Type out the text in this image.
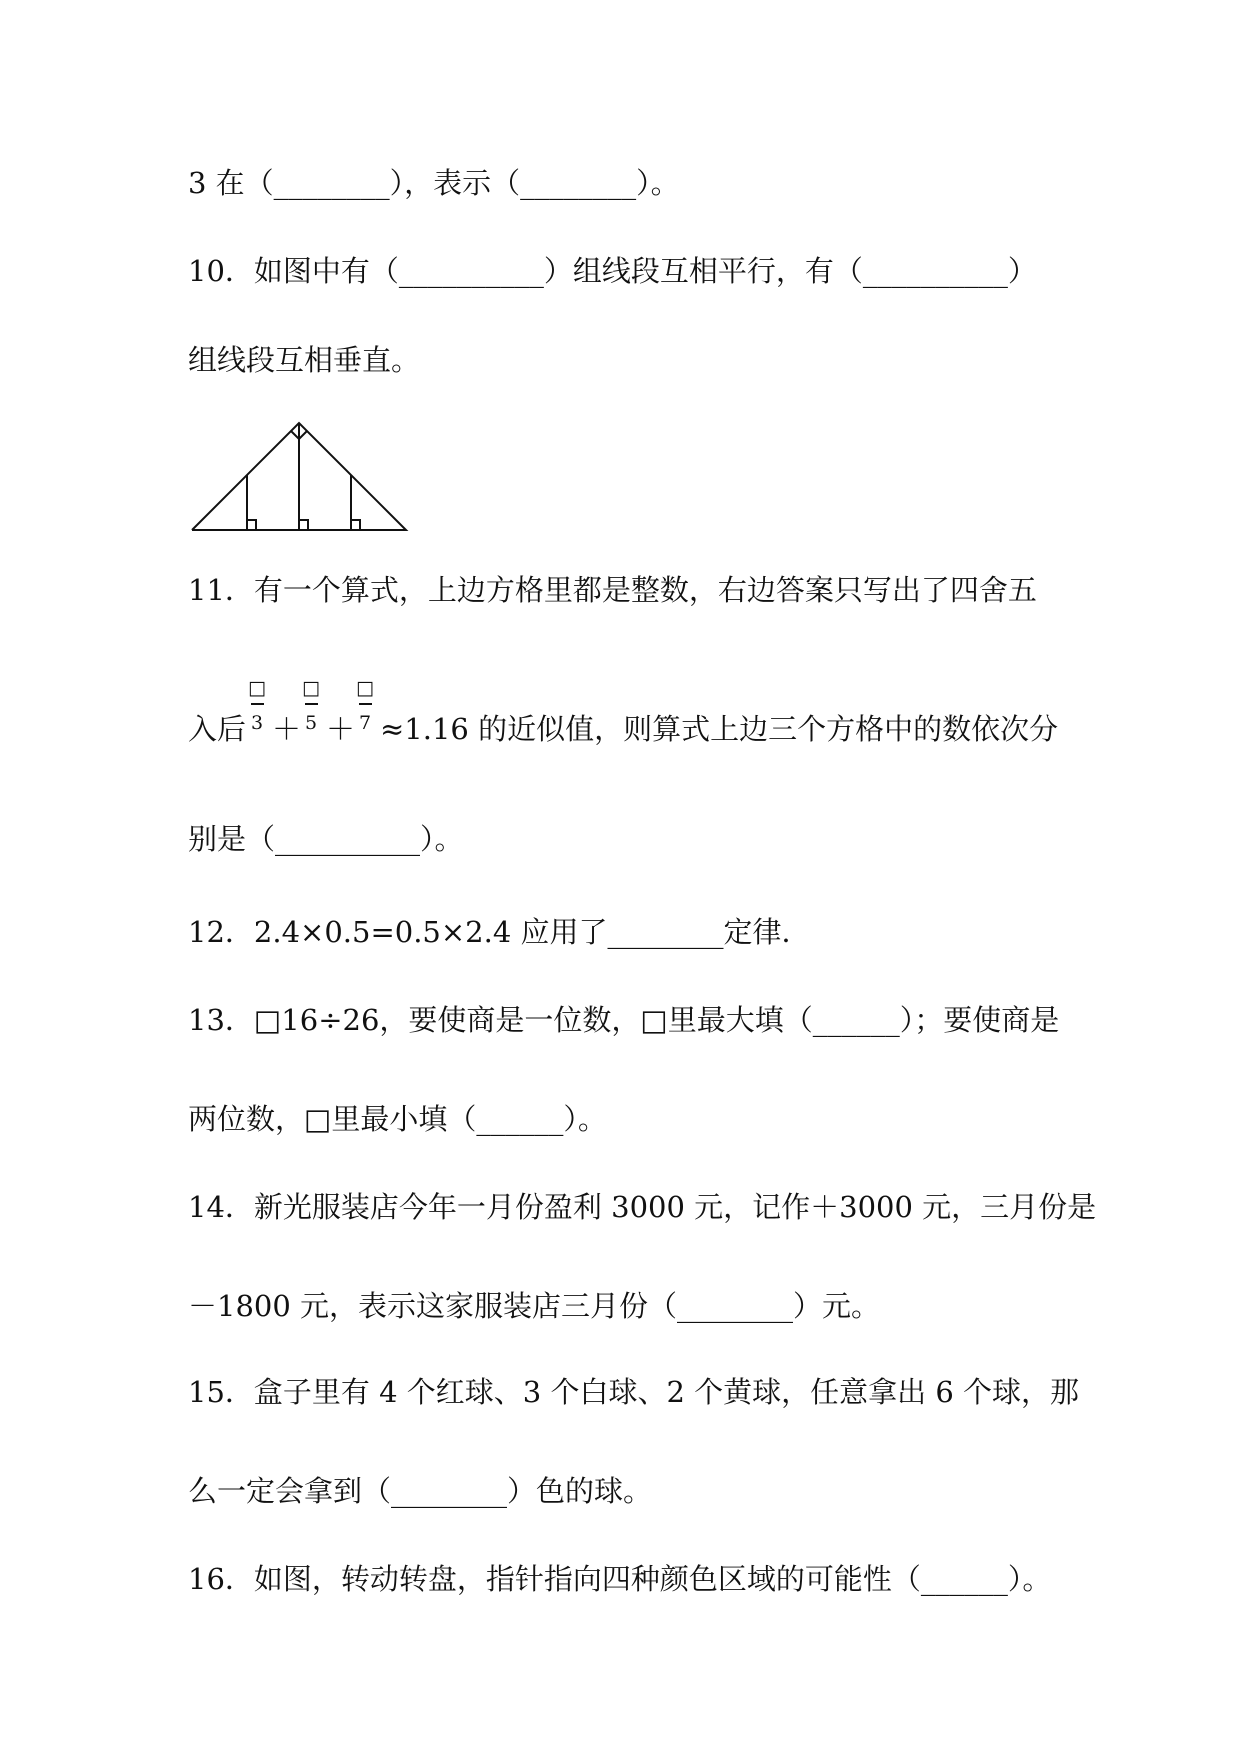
3 在（________），表示（________）。
10．如图中有（__________）组线段互相平行，有（__________）
组线段互相垂直。
11．有一个算式，上边方格里都是整数，右边答案只写出了四舍五
入后
□
3 ＋
□
5 ＋
□
7 ≈1.16 的近似值，则算式上边三个方格中的数依次分
别是（__________）。
12．2.4×0.5=0.5×2.4 应用了________定律．
13．□16÷26，要使商是一位数，□里最大填（______）；要使商是
两位数，□里最小填（______）。
14．新光服装店今年一月份盈利 3000 元，记作＋3000 元，三月份是
－1800 元，表示这家服装店三月份（________）元。
15．盒子里有 4 个红球、3 个白球、2 个黄球，任意拿出 6 个球，那
么一定会拿到（________）色的球。
16．如图，转动转盘，指针指向四种颜色区域的可能性（______）。
